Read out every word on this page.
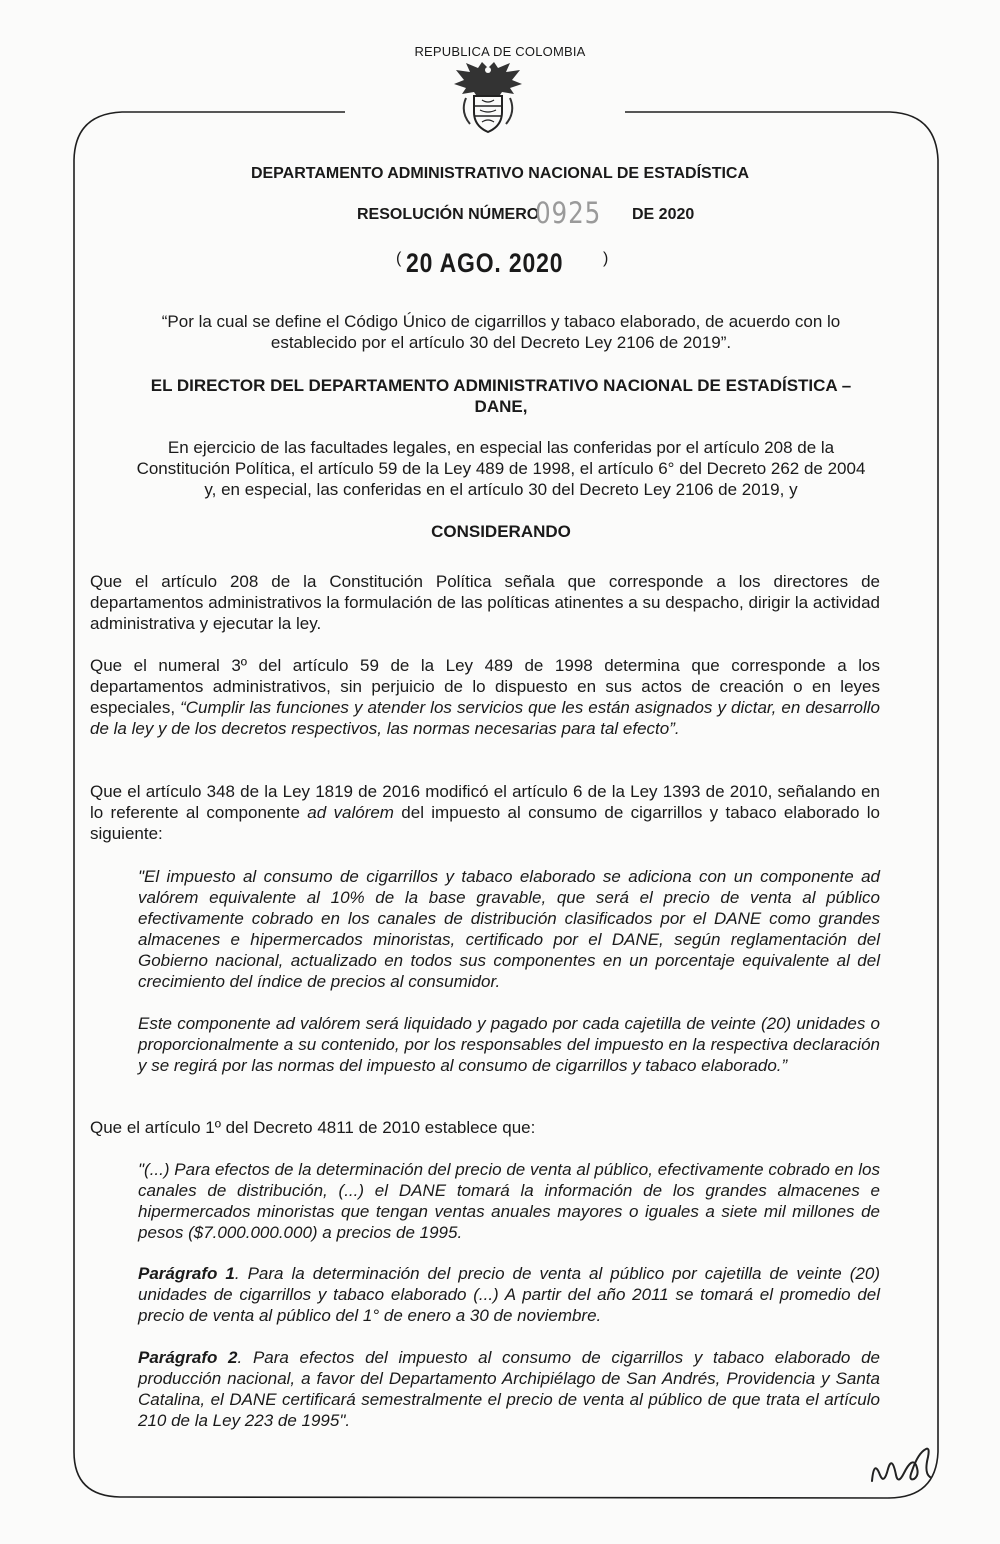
REPUBLICA DE COLOMBIA
DEPARTAMENTO ADMINISTRATIVO NACIONAL DE ESTADÍSTICA
RESOLUCIÓN NÚMERO
0925 DE 2020
( 20 AGO. 2020 )
“Por la cual se define el Código Único de cigarrillos y tabaco elaborado, de acuerdo con lo
establecido por el artículo 30 del Decreto Ley 2106 de 2019”.
EL DIRECTOR DEL DEPARTAMENTO ADMINISTRATIVO NACIONAL DE ESTADÍSTICA –
DANE,
En ejercicio de las facultades legales, en especial las conferidas por el artículo 208 de la
Constitución Política, el artículo 59 de la Ley 489 de 1998, el artículo 6° del Decreto 262 de 2004
y, en especial, las conferidas en el artículo 30 del Decreto Ley 2106 de 2019, y
CONSIDERANDO
Que el artículo 208 de la Constitución Política señala que corresponde a los directores de departamentos administrativos la formulación de las políticas atinentes a su despacho, dirigir la actividad administrativa y ejecutar la ley.
Que el numeral 3º del artículo 59 de la Ley 489 de 1998 determina que corresponde a los departamentos administrativos, sin perjuicio de lo dispuesto en sus actos de creación o en leyes especiales, “Cumplir las funciones y atender los servicios que les están asignados y dictar, en desarrollo de la ley y de los decretos respectivos, las normas necesarias para tal efecto”.
Que el artículo 348 de la Ley 1819 de 2016 modificó el artículo 6 de la Ley 1393 de 2010, señalando en lo referente al componente ad valórem del impuesto al consumo de cigarrillos y tabaco elaborado lo siguiente:
"El impuesto al consumo de cigarrillos y tabaco elaborado se adiciona con un componente ad valórem equivalente al 10% de la base gravable, que será el precio de venta al público efectivamente cobrado en los canales de distribución clasificados por el DANE como grandes almacenes e hipermercados minoristas, certificado por el DANE, según reglamentación del Gobierno nacional, actualizado en todos sus componentes en un porcentaje equivalente al del crecimiento del índice de precios al consumidor.
Este componente ad valórem será liquidado y pagado por cada cajetilla de veinte (20) unidades o proporcionalmente a su contenido, por los responsables del impuesto en la respectiva declaración y se regirá por las normas del impuesto al consumo de cigarrillos y tabaco elaborado.”
Que el artículo 1º del Decreto 4811 de 2010 establece que:
"(...) Para efectos de la determinación del precio de venta al público, efectivamente cobrado en los canales de distribución, (...) el DANE tomará la información de los grandes almacenes e hipermercados minoristas que tengan ventas anuales mayores o iguales a siete mil millones de pesos ($7.000.000.000) a precios de 1995.
Parágrafo 1. Para la determinación del precio de venta al público por cajetilla de veinte (20) unidades de cigarrillos y tabaco elaborado (...) A partir del año 2011 se tomará el promedio del precio de venta al público del 1° de enero a 30 de noviembre.
Parágrafo 2. Para efectos del impuesto al consumo de cigarrillos y tabaco elaborado de producción nacional, a favor del Departamento Archipiélago de San Andrés, Providencia y Santa Catalina, el DANE certificará semestralmente el precio de venta al público de que trata el artículo 210 de la Ley 223 de 1995".
